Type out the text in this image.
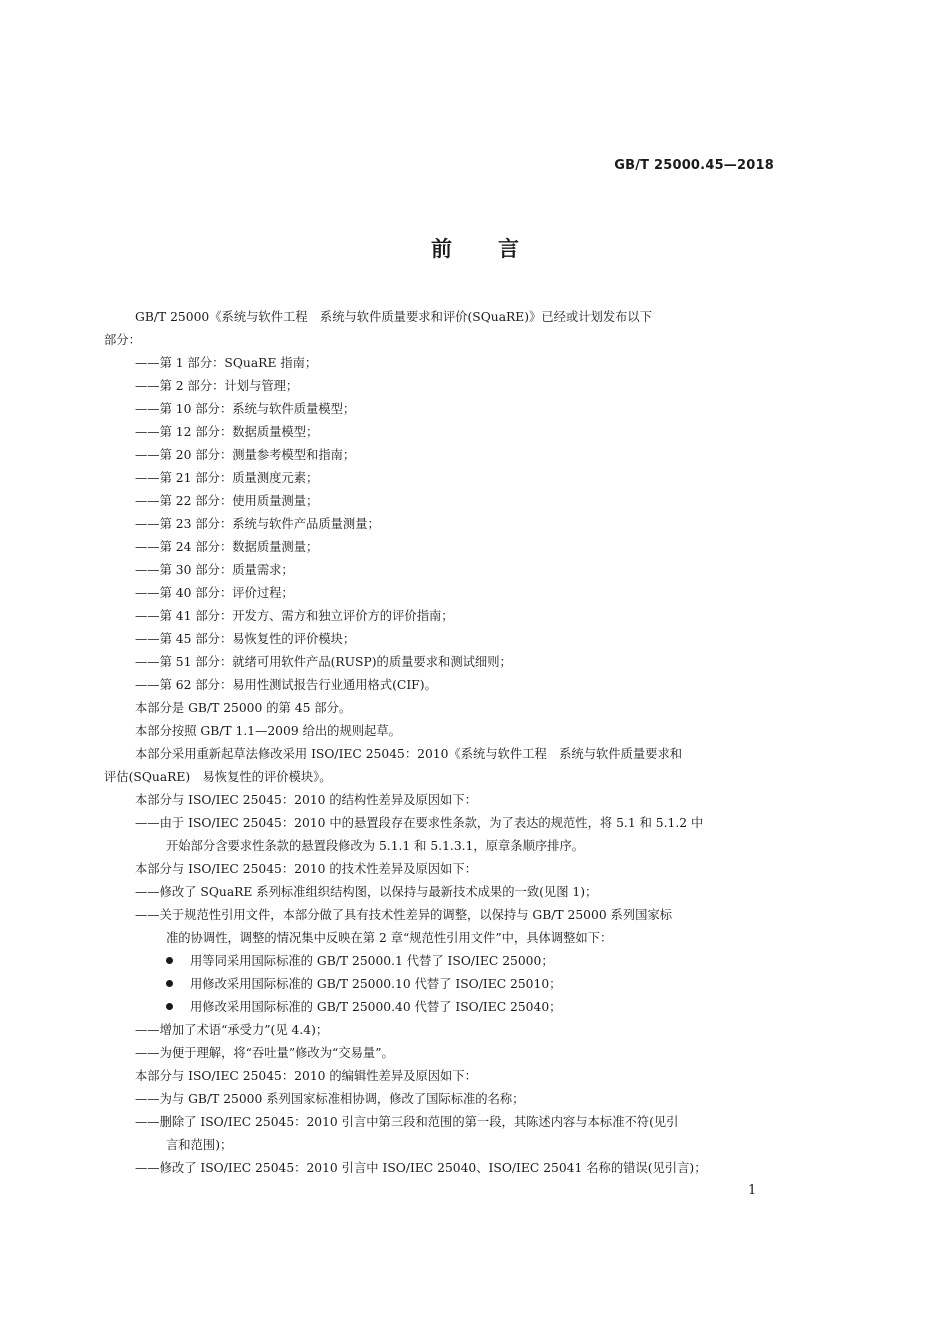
GB/T 25000.45—2018
前言
GB/T 25000《系统与软件工程　系统与软件质量要求和评价(SQuaRE)》已经或计划发布以下
部分：
——第 1 部分：SQuaRE 指南；
——第 2 部分：计划与管理；
——第 10 部分：系统与软件质量模型；
——第 12 部分：数据质量模型；
——第 20 部分：测量参考模型和指南；
——第 21 部分：质量测度元素；
——第 22 部分：使用质量测量；
——第 23 部分：系统与软件产品质量测量；
——第 24 部分：数据质量测量；
——第 30 部分：质量需求；
——第 40 部分：评价过程；
——第 41 部分：开发方、需方和独立评价方的评价指南；
——第 45 部分：易恢复性的评价模块；
——第 51 部分：就绪可用软件产品(RUSP)的质量要求和测试细则；
——第 62 部分：易用性测试报告行业通用格式(CIF)。
本部分是 GB/T 25000 的第 45 部分。
本部分按照 GB/T 1.1—2009 给出的规则起草。
本部分采用重新起草法修改采用 ISO/IEC 25045：2010《系统与软件工程　系统与软件质量要求和
评估(SQuaRE)　易恢复性的评价模块》。
本部分与 ISO/IEC 25045：2010 的结构性差异及原因如下：
——由于 ISO/IEC 25045：2010 中的悬置段存在要求性条款，为了表达的规范性，将 5.1 和 5.1.2 中
开始部分含要求性条款的悬置段修改为 5.1.1 和 5.1.3.1，原章条顺序排序。
本部分与 ISO/IEC 25045：2010 的技术性差异及原因如下：
——修改了 SQuaRE 系列标准组织结构图，以保持与最新技术成果的一致(见图 1)；
——关于规范性引用文件，本部分做了具有技术性差异的调整，以保持与 GB/T 25000 系列国家标
准的协调性，调整的情况集中反映在第 2 章“规范性引用文件”中，具体调整如下：
用等同采用国际标准的 GB/T 25000.1 代替了 ISO/IEC 25000；
用修改采用国际标准的 GB/T 25000.10 代替了 ISO/IEC 25010；
用修改采用国际标准的 GB/T 25000.40 代替了 ISO/IEC 25040；
——增加了术语“承受力”(见 4.4)；
——为便于理解，将“吞吐量”修改为“交易量”。
本部分与 ISO/IEC 25045：2010 的编辑性差异及原因如下：
——为与 GB/T 25000 系列国家标准相协调，修改了国际标准的名称；
——删除了 ISO/IEC 25045：2010 引言中第三段和范围的第一段，其陈述内容与本标准不符(见引
言和范围)；
——修改了 ISO/IEC 25045：2010 引言中 ISO/IEC 25040、ISO/IEC 25041 名称的错误(见引言)；
1
